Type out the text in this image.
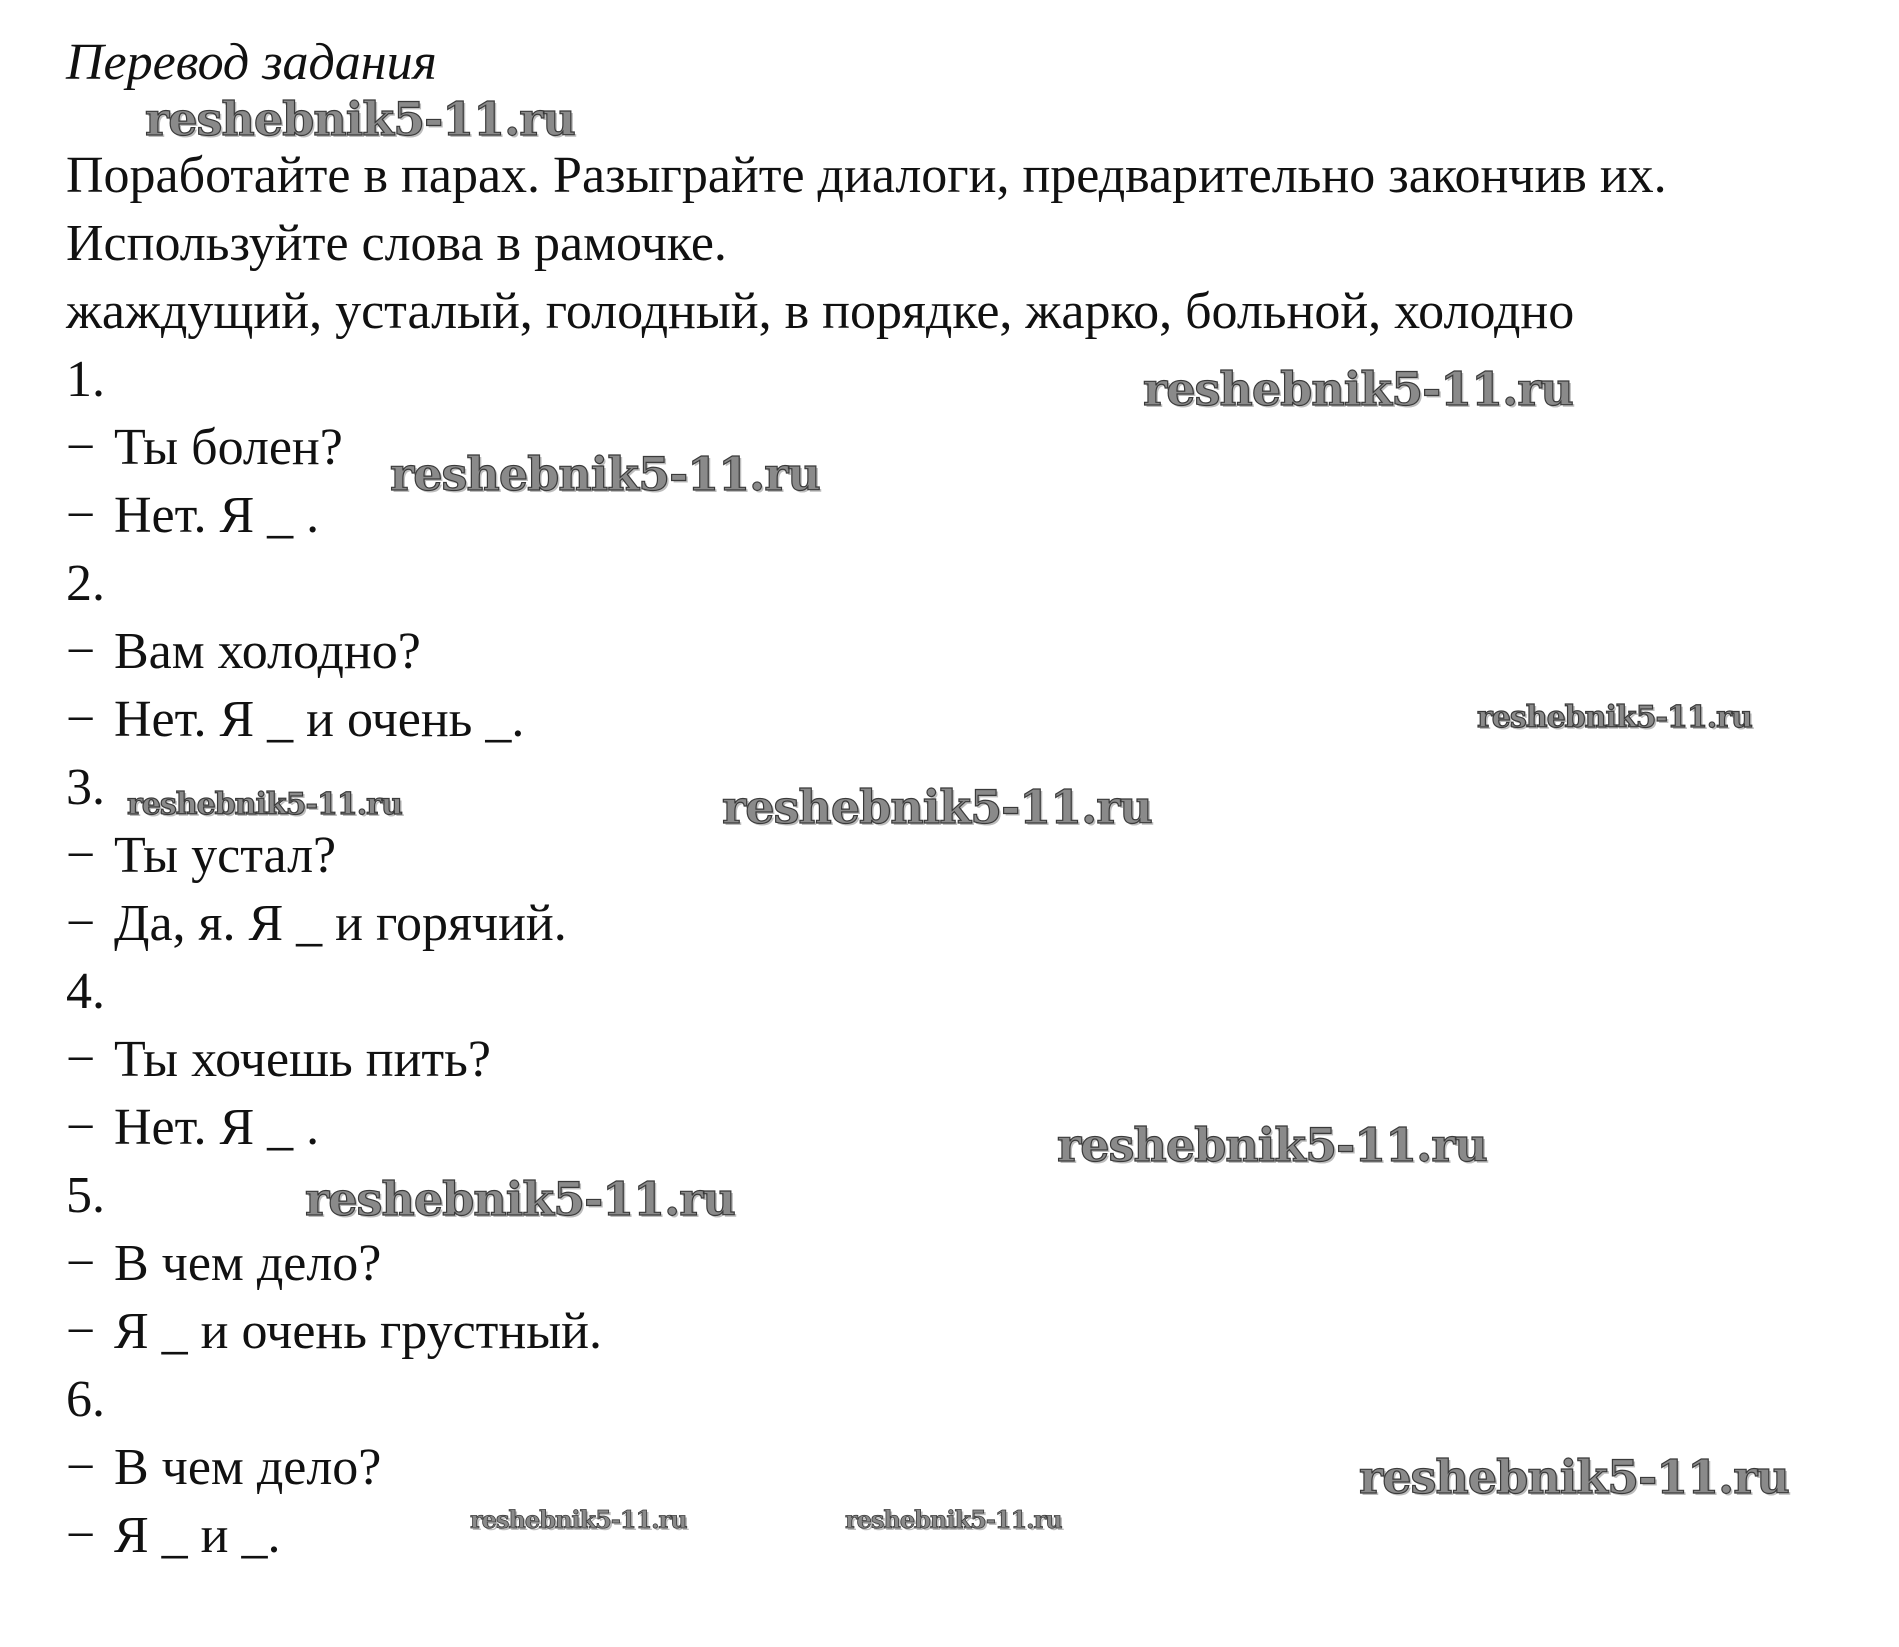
Перевод задания
Поработайте в парах. Разыграйте диалоги, предварительно закончив их.
Используйте слова в рамочке.
жаждущий, усталый, голодный, в порядке, жарко, больной, холодно
1.
− Ты болен?
− Нет. Я _ .
2.
− Вам холодно?
− Нет. Я _ и очень _.
3.
− Ты устал?
− Да, я. Я _ и горячий.
4.
− Ты хочешь пить?
− Нет. Я _ .
5.
− В чем дело?
− Я _ и очень грустный.
6.
− В чем дело?
− Я _ и _.
reshebnik5-11.ru
reshebnik5-11.ru
reshebnik5-11.ru
reshebnik5-11.ru
reshebnik5-11.ru	reshebnik5-11.ru
reshebnik5-11.ru
reshebnik5-11.ru
reshebnik5-11.ru
reshebnik5-11.ru	reshebnik5-11.ru
